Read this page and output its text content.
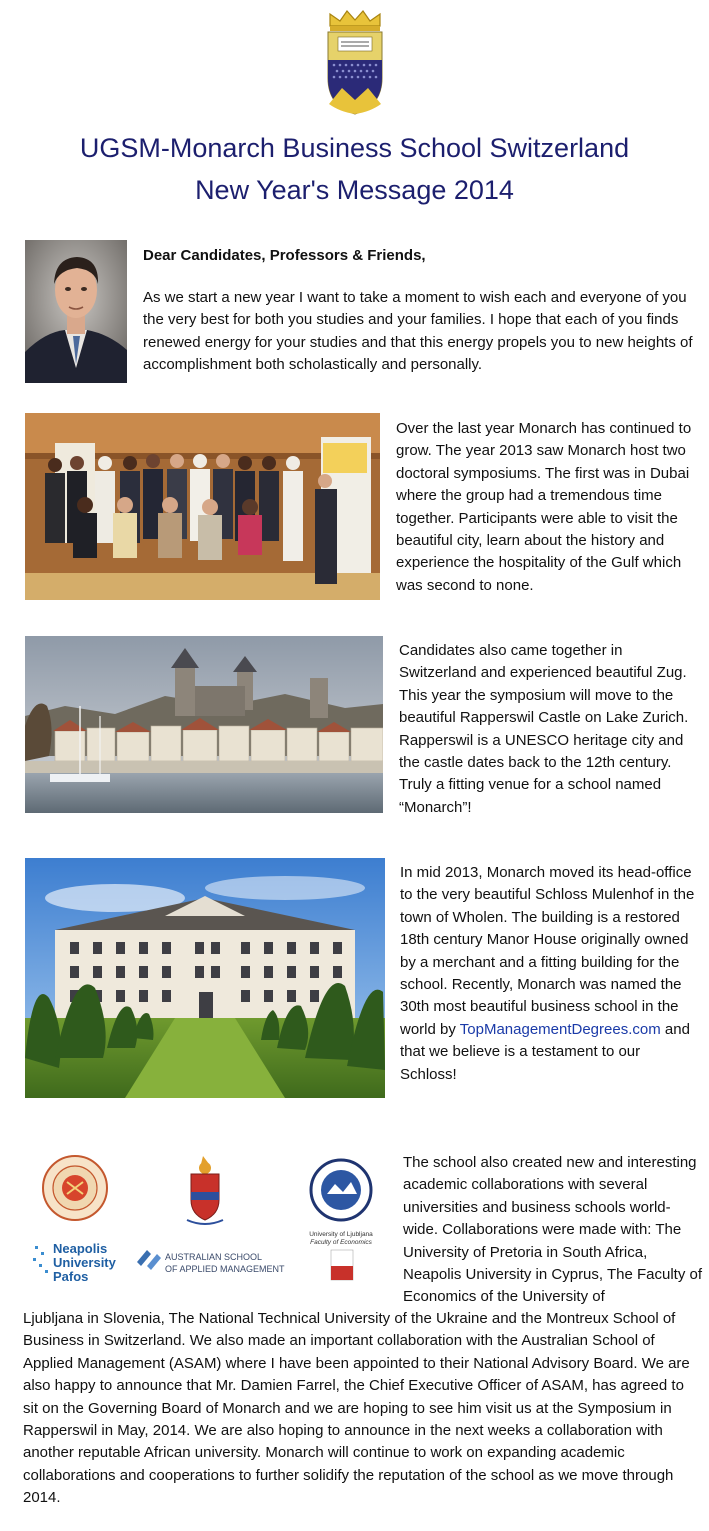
UGSM-Monarch Business School Switzerland
New Year's Message 2014
Dear Candidates, Professors & Friends,
As we start a new year I want to take a moment to wish each and everyone of you the very best for both you studies and your families. I hope that each of you finds renewed energy for your studies and that this energy propels you to new heights of accomplishment both scholastically and personally.
Over the last year Monarch has continued to grow. The year 2013 saw Monarch host two doctoral symposiums. The first was in Dubai where the group had a tremendous time together. Participants were able to visit the beautiful city, learn about the history and experience the hospitality of the Gulf which was second to none.
Candidates also came together in Switzerland and experienced beautiful Zug. This year the symposium will move to the beautiful Rapperswil Castle on Lake Zurich. Rapperswil is a UNESCO heritage city and the castle dates back to the 12th century. Truly a fitting venue for a school named “Monarch”!
In mid 2013, Monarch moved its head-office to the very beautiful Schloss Mulenhof in the town of Wholen. The building is a restored 18th century Manor House originally owned by a merchant and a fitting building for the school. Recently, Monarch was named the 30th most beautiful business school in the world by TopManagementDegrees.com and that we believe is a testament to our Schloss!
University of Ljubljana
Faculty of Economics
Neapolis
University
Pafos
AUSTRALIAN SCHOOL
OF APPLIED MANAGEMENT
The school also created new and interesting academic collaborations with several universities and business schools world-wide. Collaborations were made with: The University of Pretoria in South Africa, Neapolis University in Cyprus, The Faculty of Economics of the University of
Ljubljana in Slovenia, The National Technical University of the Ukraine and the Montreux School of Business in Switzerland. We also made an important collaboration with the Australian School of Applied Management (ASAM) where I have been appointed to their National Advisory Board. We are also happy to announce that Mr. Damien Farrel, the Chief Executive Officer of ASAM, has agreed to sit on the Governing Board of Monarch and we are hoping to see him visit us at the Symposium in Rapperswil in May, 2014. We are also hoping to announce in the next weeks a collaboration with another reputable African university. Monarch will continue to work on expanding academic collaborations and cooperations to further solidify the reputation of the school as we move through 2014.
